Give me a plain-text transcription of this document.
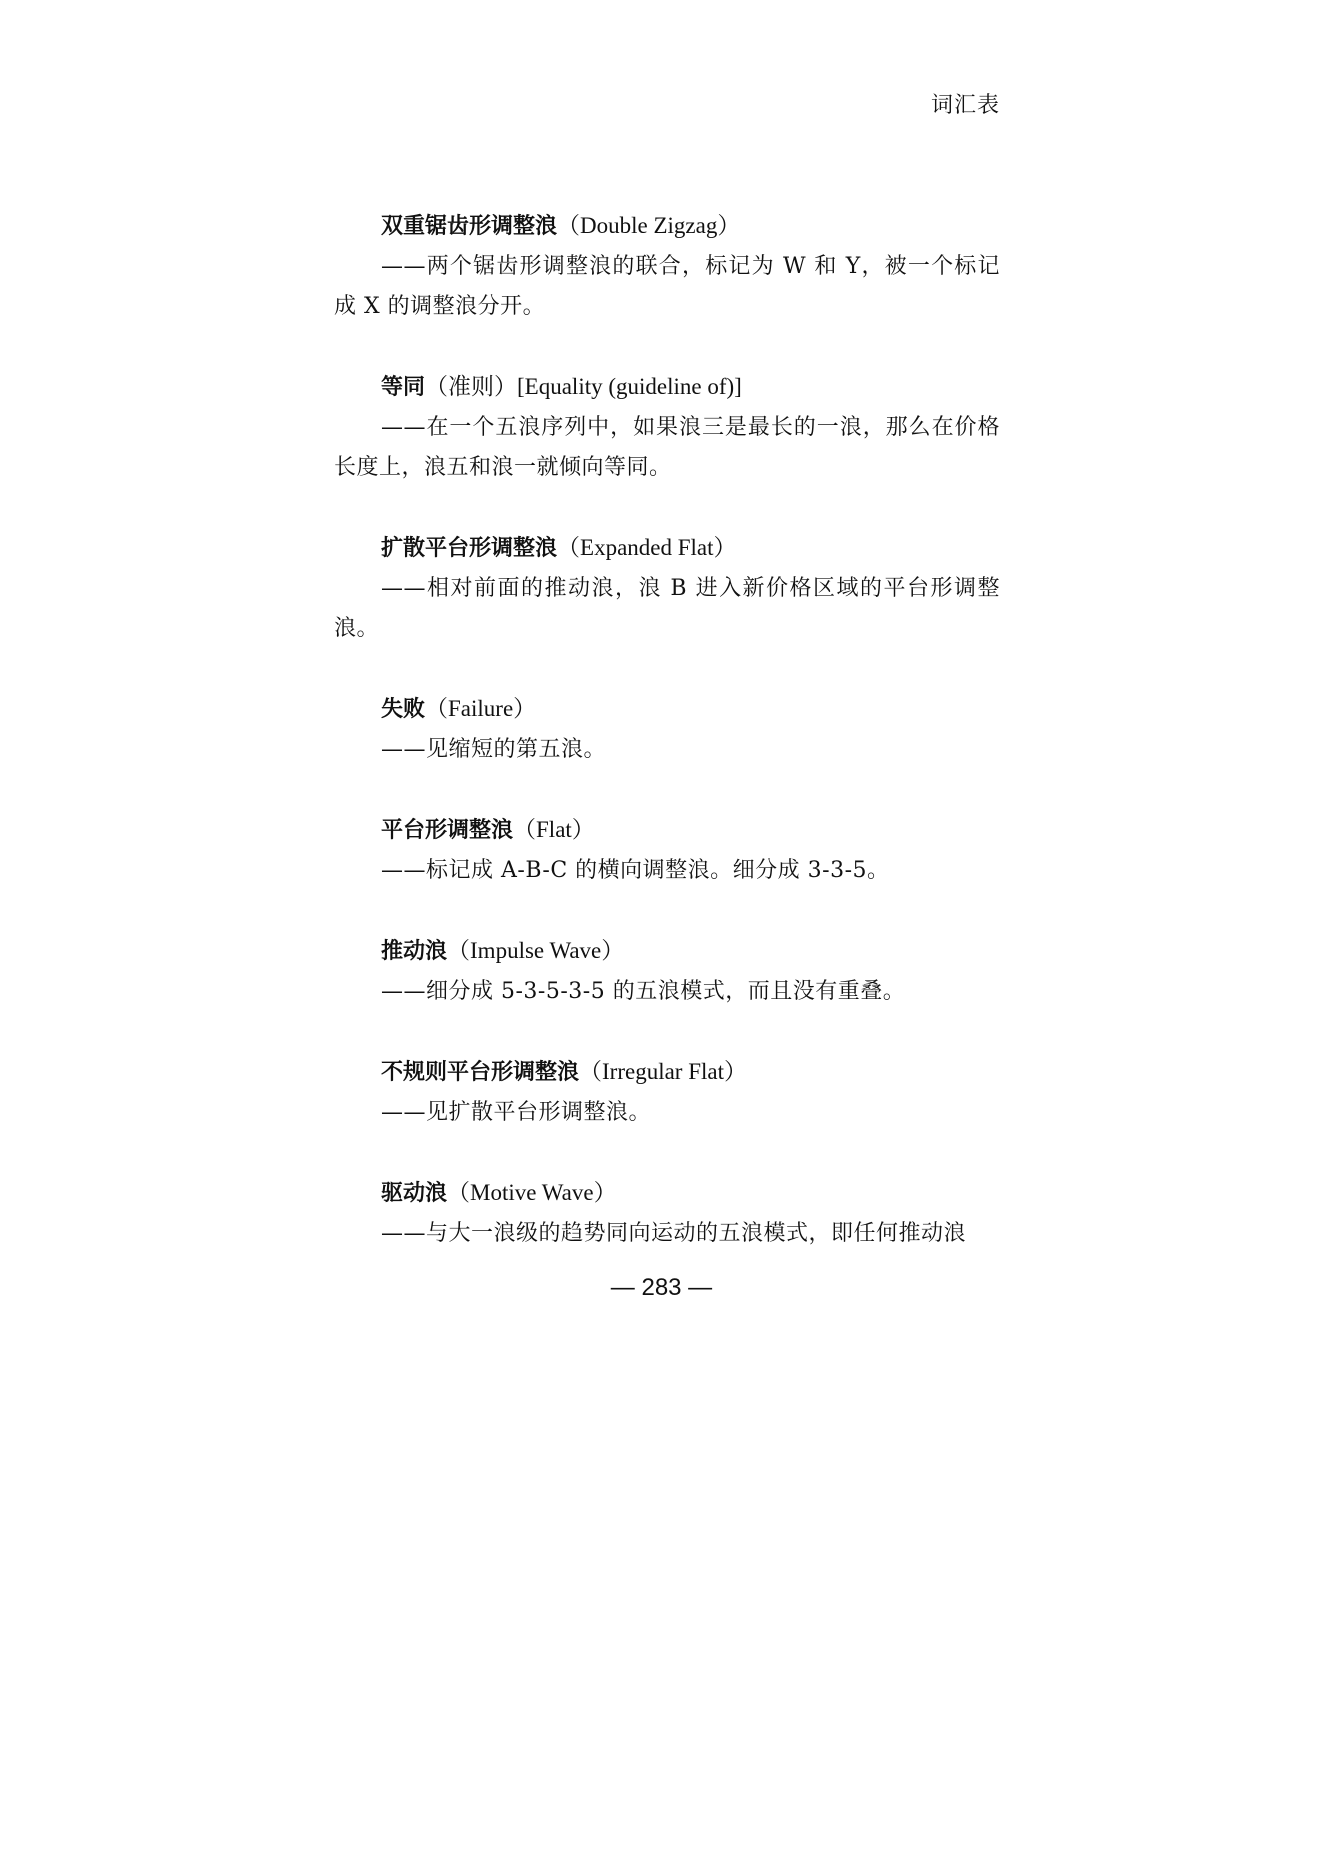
词汇表
双重锯齿形调整浪（Double Zigzag）

——两个锯齿形调整浪的联合，标记为 W 和 Y，被一个标记成 X 的调整浪分开。

等同（准则）[Equality (guideline of)]

——在一个五浪序列中，如果浪三是最长的一浪，那么在价格长度上，浪五和浪一就倾向等同。

扩散平台形调整浪（Expanded Flat）

——相对前面的推动浪，浪 B 进入新价格区域的平台形调整浪。

失败（Failure）

——见缩短的第五浪。

平台形调整浪（Flat）

——标记成 A-B-C 的横向调整浪。细分成 3-3-5。

推动浪（Impulse Wave）

——细分成 5-3-5-3-5 的五浪模式，而且没有重叠。

不规则平台形调整浪（Irregular Flat）

——见扩散平台形调整浪。

驱动浪（Motive Wave）

——与大一浪级的趋势同向运动的五浪模式，即任何推动浪

— 283 —
